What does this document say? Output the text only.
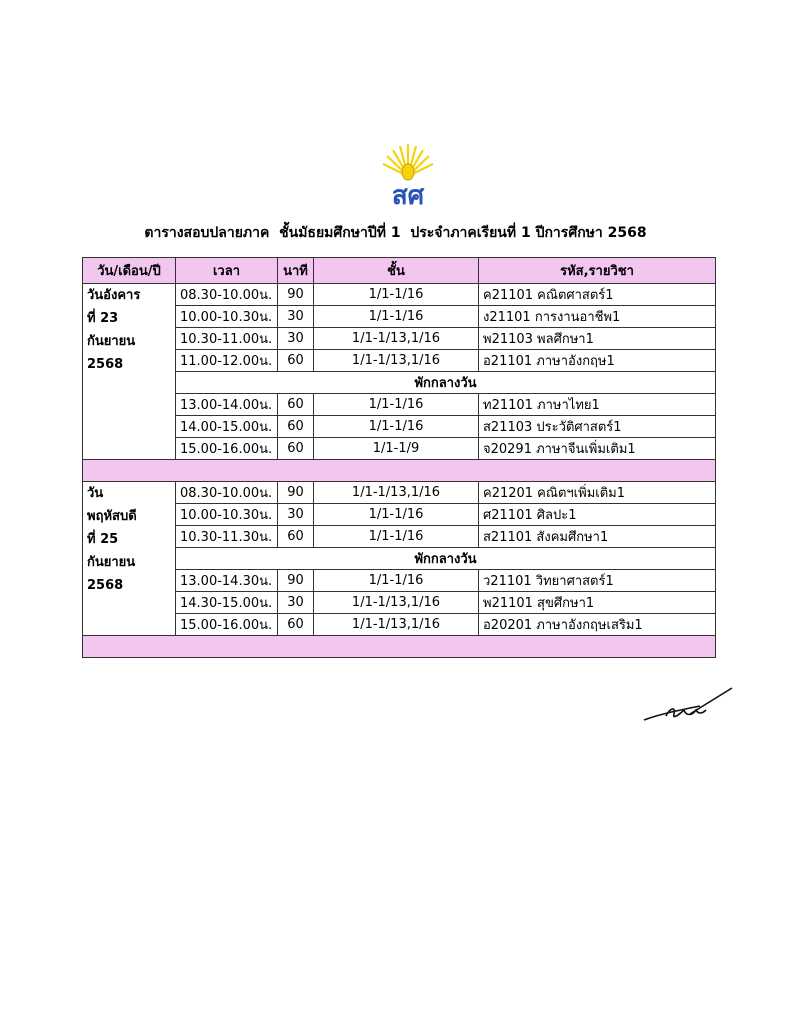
สศ
ตารางสอบปลายภาค  ชั้นมัธยมศึกษาปีที่ 1  ประจำภาคเรียนที่ 1 ปีการศึกษา 2568
วัน/เดือน/ปี	เวลา	นาที	ชั้น	รหัส,รายวิชา

วันอังคาร
ที่ 23
กันยายน
2568	08.30-10.00น.	90	1/1-1/16	ค21101 คณิตศาสตร์1
	10.00-10.30น.	30	1/1-1/16	ง21101 การงานอาชีพ1
	10.30-11.00น.	30	1/1-1/13,1/16	พ21103 พลศึกษา1
	11.00-12.00น.	60	1/1-1/13,1/16	อ21101 ภาษาอังกฤษ1
	พักกลางวัน			
	13.00-14.00น.	60	1/1-1/16	ท21101 ภาษาไทย1
	14.00-15.00น.	60	1/1-1/16	ส21103 ประวัติศาสตร์1
	15.00-16.00น.	60	1/1-1/9	จ20291 ภาษาจีนเพิ่มเติม1

วัน
พฤหัสบดี
ที่ 25
กันยายน
2568	08.30-10.00น.	90	1/1-1/13,1/16	ค21201 คณิตฯเพิ่มเติม1
	10.00-10.30น.	30	1/1-1/16	ศ21101 ศิลปะ1
	10.30-11.30น.	60	1/1-1/16	ส21101 สังคมศึกษา1
	พักกลางวัน			
	13.00-14.30น.	90	1/1-1/16	ว21101 วิทยาศาสตร์1
	14.30-15.00น.	30	1/1-1/13,1/16	พ21101 สุขศึกษา1
	15.00-16.00น.	60	1/1-1/13,1/16	อ20201 ภาษาอังกฤษเสริม1
